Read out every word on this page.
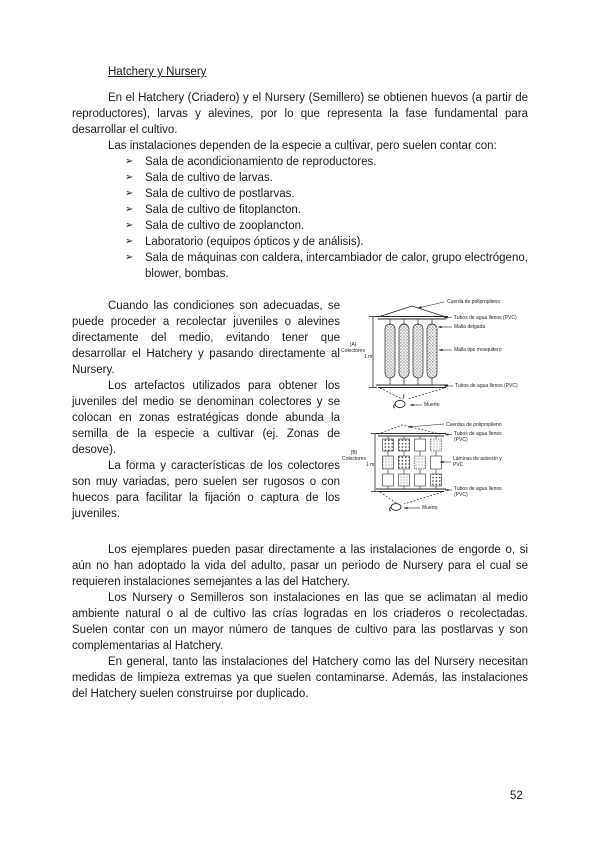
Hatchery y Nursery

En el Hatchery (Criadero) y el Nursery (Semillero) se obtienen huevos (a partir de reproductores), larvas y alevines, por lo que representa la fase fundamental para desarrollar el cultivo.

Las instalaciones dependen de la especie a cultivar, pero suelen contar con:

➢	Sala de acondicionamiento de reproductores.
➢	Sala de cultivo de larvas.
➢	Sala de cultivo de postlarvas.
➢	Sala de cultivo de fitoplancton.
➢	Sala de cultivo de zooplancton.
➢	Laboratorio (equipos ópticos y de análisis).
➢	Sala de máquinas con caldera, intercambiador de calor, grupo electrógeno, blower, bombas.

Cuando las condiciones son adecuadas, se puede proceder a recolectar juveniles o alevines directamente del medio, evitando tener que desarrollar el Hatchery y pasando directamente al Nursery.

Los artefactos utilizados para obtener los juveniles del medio se denominan colectores y se colocan en zonas estratégicas donde abunda la semilla de la especie a cultivar (ej. Zonas de desove).

La forma y características de los colectores son muy variadas, pero suelen ser rugosos o con huecos para facilitar la fijación o captura de los juveniles.

(A) Colectores
1 m
Cuerda de polipropileno
Tubos de agua llenos (PVC)
Malla delgada
Malla tipo mosquitero
Tubos de agua llenos (PVC)
Muerto
(B) Colectores
1 m
Cuerdas de polipropileno
Tubos de agua llenos (PVC)
Láminas de asbesto y PVC
Tubos de agua llenos (PVC)
Muerto

Los ejemplares pueden pasar directamente a las instalaciones de engorde o, si aún no han adoptado la vida del adulto, pasar un periodo de Nursery para el cual se requieren instalaciones semejantes a las del Hatchery.

Los Nursery o Semilleros son instalaciones en las que se aclimatan al medio ambiente natural o al de cultivo las crías logradas en los criaderos o recolectadas. Suelen contar con un mayor número de tanques de cultivo para las postlarvas y son complementarias al Hatchery.

En general, tanto las instalaciones del Hatchery como las del Nursery necesitan medidas de limpieza extremas ya que suelen contaminarse. Además, las instalaciones del Hatchery suelen construirse por duplicado.

52
